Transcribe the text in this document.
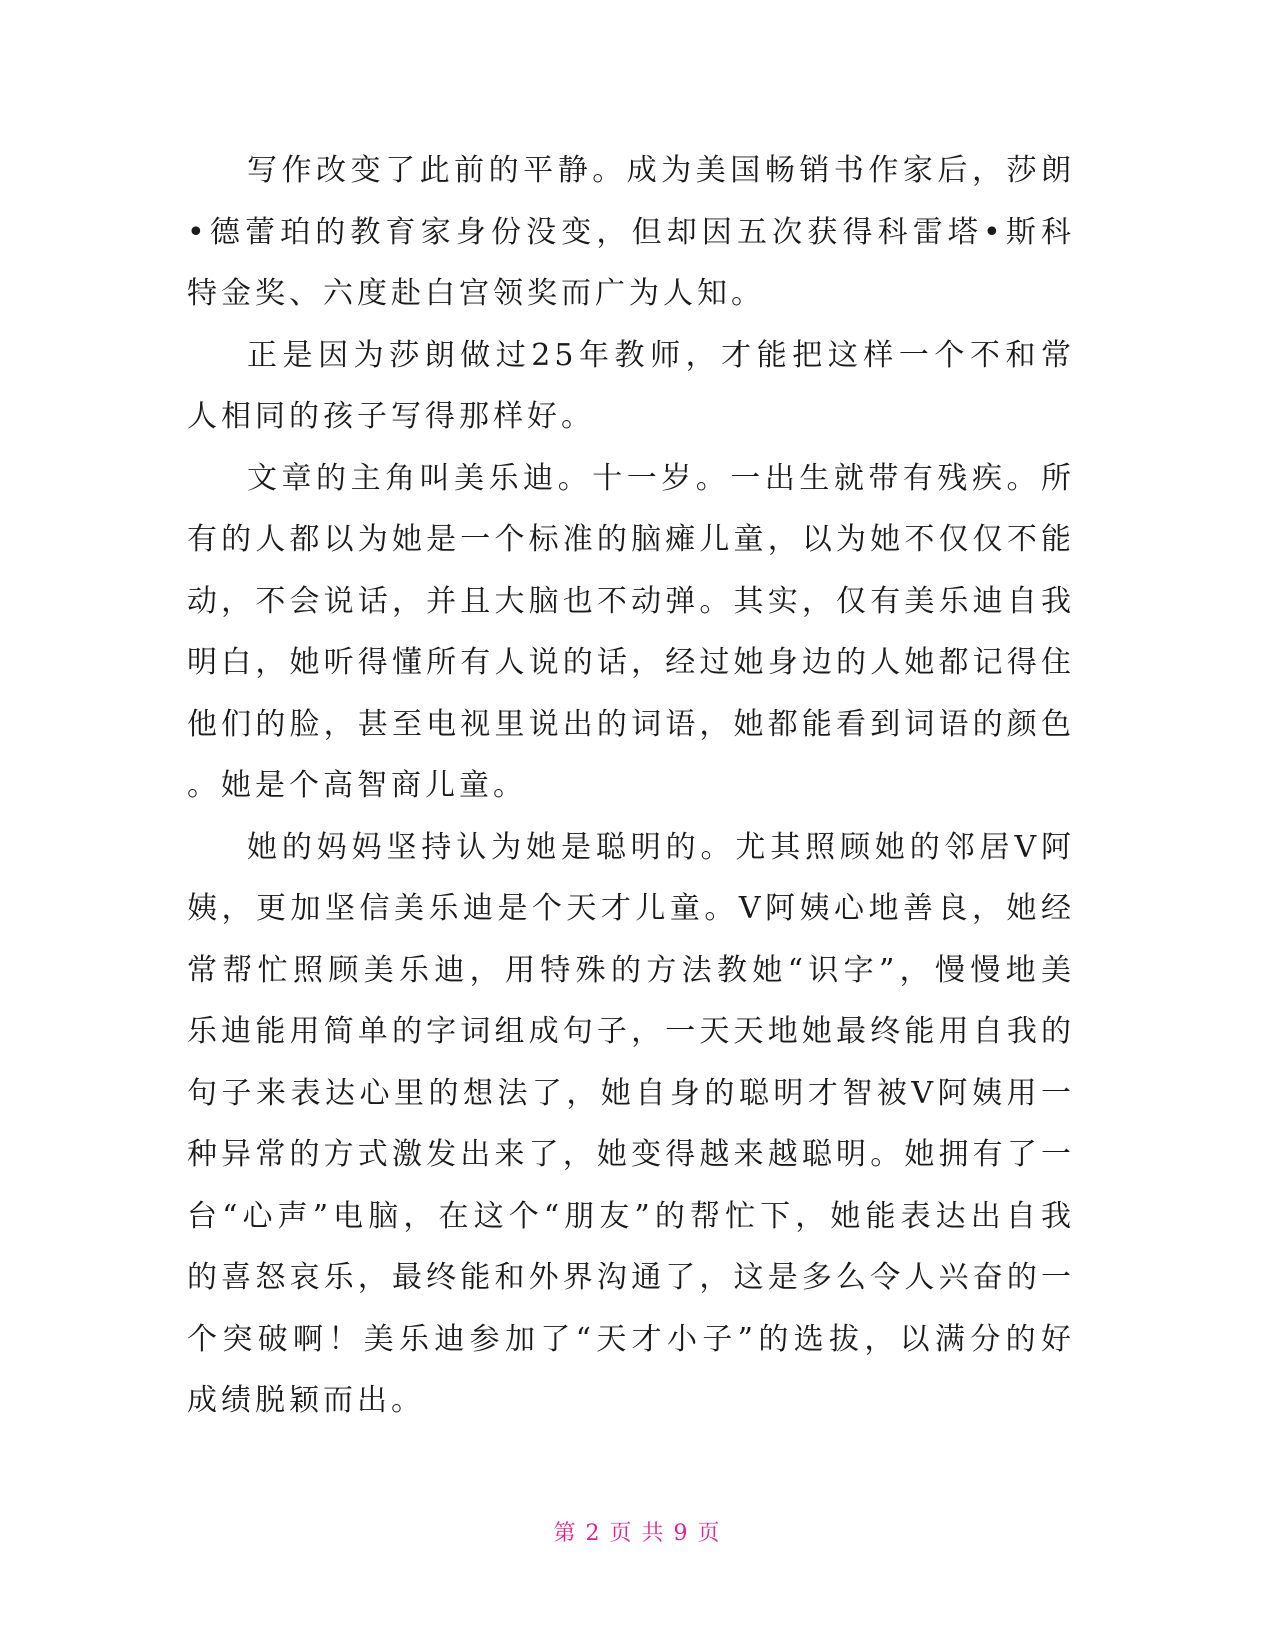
写作改变了此前的平静。成为美国畅销书作家后，莎朗•德蕾珀的教育家身份没变，但却因五次获得科雷塔•斯科特金奖、六度赴白宫领奖而广为人知。

正是因为莎朗做过25年教师，才能把这样一个不和常人相同的孩子写得那样好。

文章的主角叫美乐迪。十一岁。一出生就带有残疾。所有的人都以为她是一个标准的脑瘫儿童，以为她不仅仅不能动，不会说话，并且大脑也不动弹。其实，仅有美乐迪自我明白，她听得懂所有人说的话，经过她身边的人她都记得住他们的脸，甚至电视里说出的词语，她都能看到词语的颜色。她是个高智商儿童。

她的妈妈坚持认为她是聪明的。尤其照顾她的邻居V阿姨，更加坚信美乐迪是个天才儿童。V阿姨心地善良，她经常帮忙照顾美乐迪，用特殊的方法教她“识字”，慢慢地美乐迪能用简单的字词组成句子，一天天地她最终能用自我的句子来表达心里的想法了，她自身的聪明才智被V阿姨用一种异常的方式激发出来了，她变得越来越聪明。她拥有了一台“心声”电脑，在这个“朋友”的帮忙下，她能表达出自我的喜怒哀乐，最终能和外界沟通了，这是多么令人兴奋的一个突破啊！美乐迪参加了“天才小子”的选拔，以满分的好成绩脱颖而出。

第 2 页 共 9 页
